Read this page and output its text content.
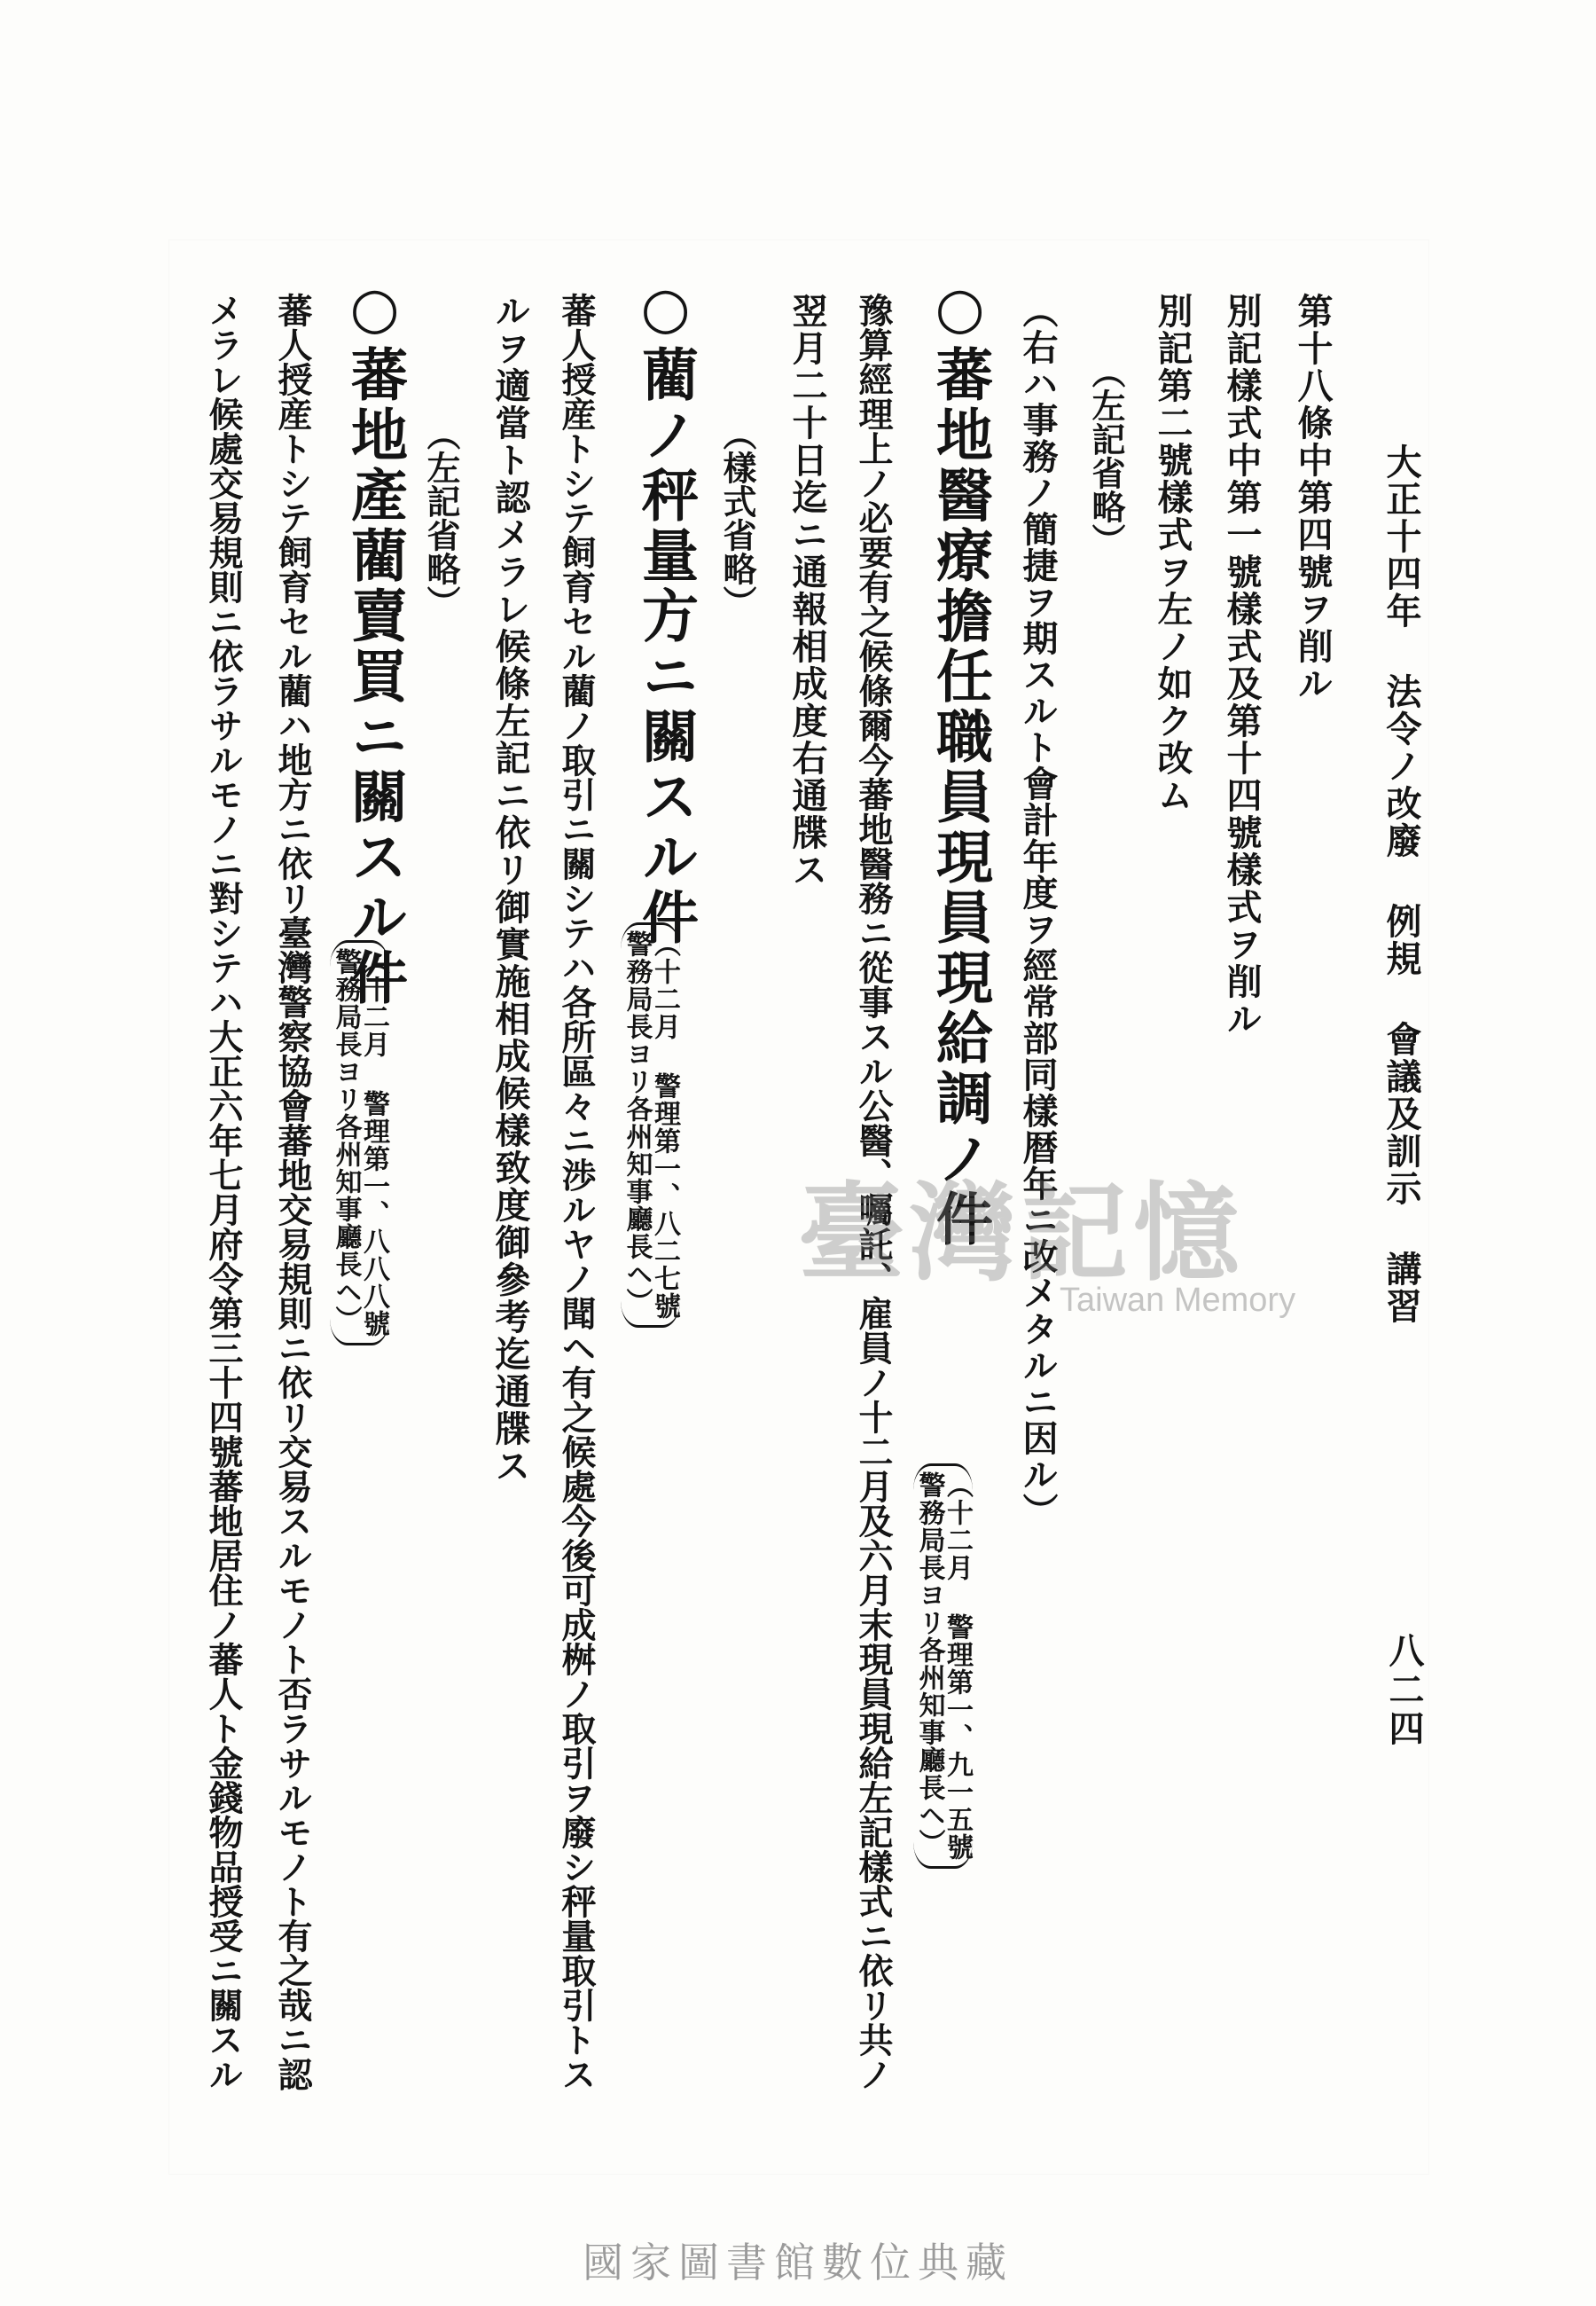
大正十四年 法令ノ改廢 例規 會議及訓示 講習
八二四
第十八條中第四號ヲ削ル
別記樣式中第一號樣式及第十四號樣式ヲ削ル
別記第二號樣式ヲ左ノ如ク改ム
（左記省略）
（右ハ事務ノ簡捷ヲ期スルト會計年度ヲ經常部同樣暦年ニ改メタルニ因ル）
○蕃地醫療擔任職員現員現給調ノ件
（十二月 警理第一、九一五號
警務局長ヨリ各州知事廳長ヘ）
豫算經理上ノ必要有之候條爾今蕃地醫務ニ從事スル公醫、囑託、雇員ノ十二月及六月末現員現給左記樣式ニ依リ共ノ
翌月二十日迄ニ通報相成度右通牒ス
（樣式省略）
○藺ノ秤量方ニ關スル件
（十二月 警理第一、八二七號
警務局長ヨリ各州知事廳長ヘ）
蕃人授産トシテ飼育セル藺ノ取引ニ關シテハ各所區々ニ渉ルヤノ聞ヘ有之候處今後可成桝ノ取引ヲ廢シ秤量取引トス
ルヲ適當ト認メラレ候條左記ニ依リ御實施相成候樣致度御參考迄通牒ス
（左記省略）
○蕃地產藺賣買ニ關スル件
（十二月 警理第一、八八八號
警務局長ヨリ各州知事廳長ヘ）
蕃人授産トシテ飼育セル藺ハ地方ニ依リ臺灣警察協會蕃地交易規則ニ依リ交易スルモノト否ラサルモノト有之哉ニ認
メラレ候處交易規則ニ依ラサルモノニ對シテハ大正六年七月府令第三十四號蕃地居住ノ蕃人ト金錢物品授受ニ關スル	臺灣記憶
Taiwan Memory
國家圖書館數位典藏
